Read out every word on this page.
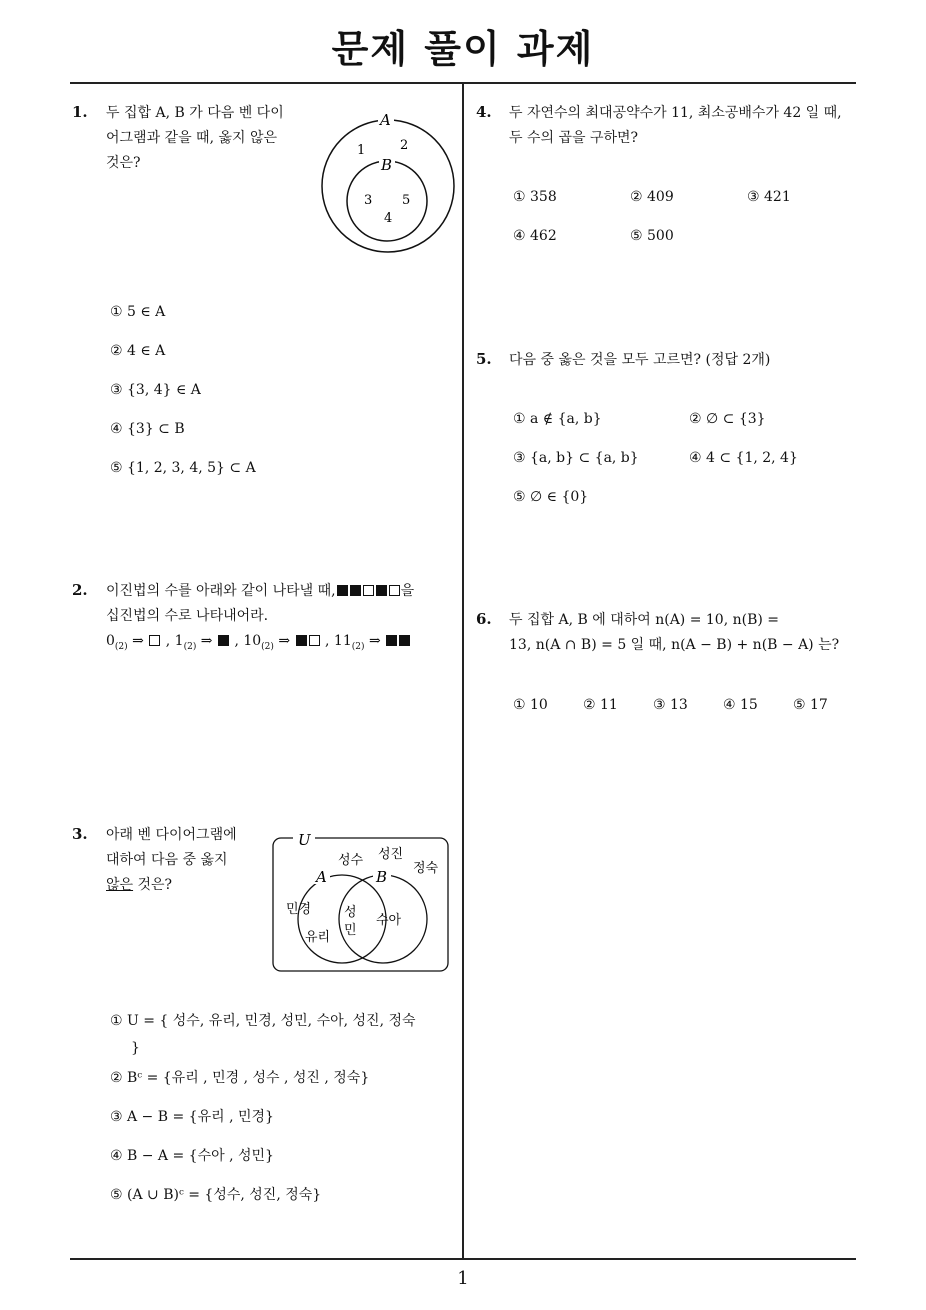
문제 풀이 과제
1. 두 집합 A, B 가 다음 벤 다이
어그램과 같을 때, 옳지 않은
것은?
A
B
1	2
3 5
4
① 5 ∈ A
② 4 ∈ A
③ {3, 4} ∈ A
④ {3} ⊂ B
⑤ {1, 2, 3, 4, 5} ⊂ A
2. 이진법의 수를 아래와 같이 나타낼 때,	을
십진법의 수로 나타내어라.
$0_{(2)}$ ⇒ , $1_{(2)}$ ⇒ , $10_{(2)}$ ⇒ , $11_{(2)}$ ⇒
3. 아래 벤 다이어그램에
대하여 다음 중 옳지
않은 것은?
U
A	B
성수 성진
정숙
민경
유리
성
민
수아
① U = { 성수, 유리, 민경, 성민, 수아, 성진, 정숙
}
② Bᶜ = {유리 , 민경 , 성수 , 성진 , 정숙}
③ A − B = {유리 , 민경}
④ B − A = {수아 , 성민}
⑤ (A ∪ B)ᶜ = {성수, 성진, 정숙}
4. 두 자연수의 최대공약수가 11, 최소공배수가 42 일 때,
두 수의 곱을 구하면?
① 358	② 409	③ 421
④ 462	⑤ 500
5. 다음 중 옳은 것을 모두 고르면? (정답 2개)
① a ∉ {a, b}	② ∅ ⊂ {3}
③ {a, b} ⊂ {a, b}	④ 4 ⊂ {1, 2, 4}
⑤ ∅ ∈ {0}
6. 두 집합 A, B 에 대하여 n(A) = 10, n(B) =
13, n(A ∩ B) = 5 일 때, n(A − B) + n(B − A) 는?
① 10	② 11	③ 13	④ 15	⑤ 17
1
